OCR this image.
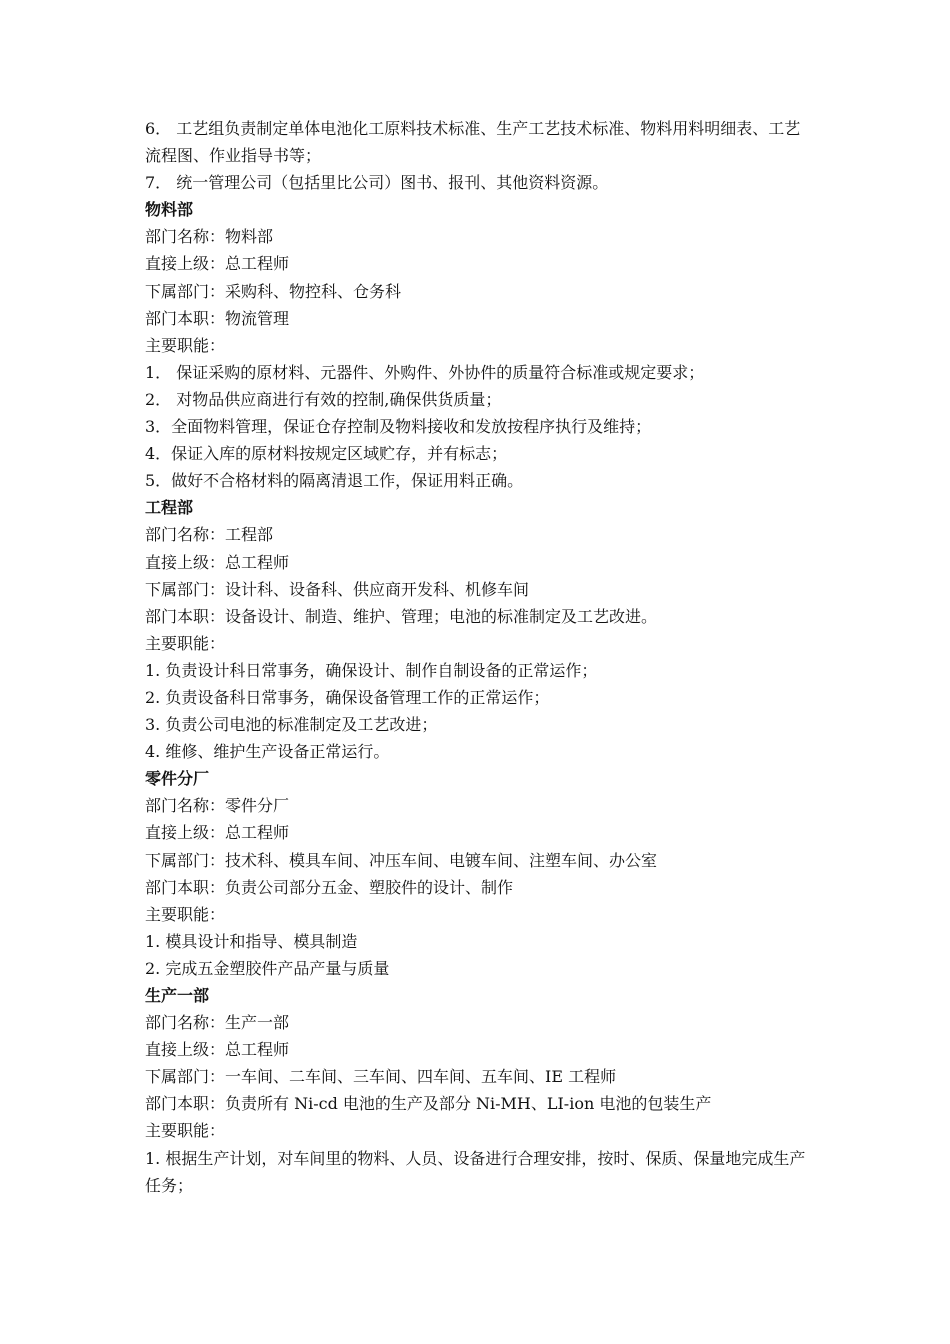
6． 工艺组负责制定单体电池化工原料技术标准、生产工艺技术标准、物料用料明细表、工艺流程图、作业指导书等；
7． 统一管理公司（包括里比公司）图书、报刊、其他资料资源。
物料部
部门名称：物料部
直接上级：总工程师
下属部门：采购科、物控科、仓务科
部门本职：物流管理
主要职能：
1． 保证采购的原材料、元器件、外购件、外协件的质量符合标准或规定要求；
2． 对物品供应商进行有效的控制,确保供货质量；
3．全面物料管理，保证仓存控制及物料接收和发放按程序执行及维持；
4．保证入库的原材料按规定区域贮存，并有标志；
5．做好不合格材料的隔离清退工作，保证用料正确。
工程部
部门名称：工程部
直接上级：总工程师
下属部门：设计科、设备科、供应商开发科、机修车间
部门本职：设备设计、制造、维护、管理；电池的标准制定及工艺改进。
主要职能：
1. 负责设计科日常事务，确保设计、制作自制设备的正常运作；
2. 负责设备科日常事务，确保设备管理工作的正常运作；
3. 负责公司电池的标准制定及工艺改进；
4. 维修、维护生产设备正常运行。
零件分厂
部门名称：零件分厂
直接上级：总工程师
下属部门：技术科、模具车间、冲压车间、电镀车间、注塑车间、办公室
部门本职：负责公司部分五金、塑胶件的设计、制作
主要职能：
1. 模具设计和指导、模具制造
2. 完成五金塑胶件产品产量与质量
生产一部
部门名称：生产一部
直接上级：总工程师
下属部门：一车间、二车间、三车间、四车间、五车间、IE 工程师
部门本职：负责所有 Ni-cd 电池的生产及部分 Ni-MH、LI-ion 电池的包装生产
主要职能：
1. 根据生产计划，对车间里的物料、人员、设备进行合理安排，按时、保质、保量地完成生产任务；
